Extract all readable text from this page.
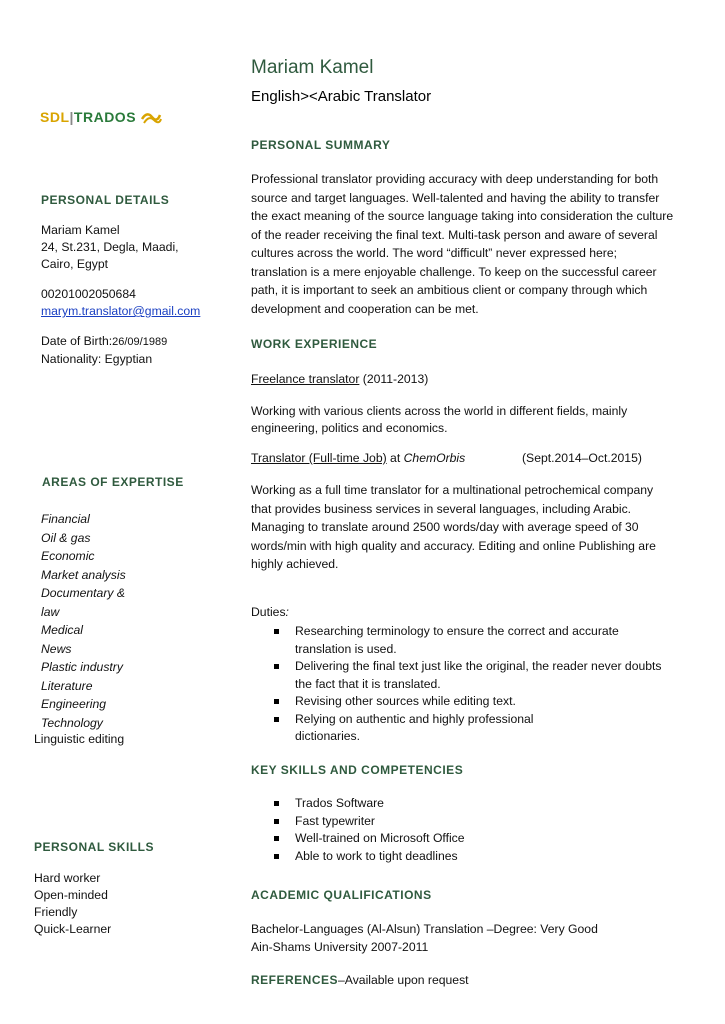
Mariam Kamel
English><Arabic Translator
SDL|TRADOS
PERSONAL DETAILS
Mariam Kamel
24, St.231, Degla, Maadi,
Cairo, Egypt
00201002050684
marym.translator@gmail.com
Date of Birth:26/09/1989
Nationality: Egyptian
AREAS OF EXPERTISE
Financial
Oil & gas
Economic
Market analysis
Documentary &
law
Medical
News
Plastic industry
Literature
Engineering
Technology
Linguistic editing
PERSONAL SKILLS
Hard worker
Open-minded
Friendly
Quick-Learner
PERSONAL SUMMARY
Professional translator providing accuracy with deep understanding for both
source and target languages. Well-talented and having the ability to transfer
the exact meaning of the source language taking into consideration the culture
of the reader receiving the final text. Multi-task person and aware of several
cultures across the world. The word “difficult” never expressed here;
translation is a mere enjoyable challenge. To keep on the successful career
path, it is important to seek an ambitious client or company through which
development and cooperation can be met.
WORK EXPERIENCE
Freelance translator (2011-2013)
Working with various clients across the world in different fields, mainly
engineering, politics and economics.
Translator (Full-time Job) at ChemOrbis	(Sept.2014–Oct.2015)
Working as a full time translator for a multinational petrochemical company
that provides business services in several languages, including Arabic.
Managing to translate around 2500 words/day with average speed of 30
words/min with high quality and accuracy. Editing and online Publishing are
highly achieved.
Duties:
Researching terminology to ensure the correct and accurate
translation is used.
Delivering the final text just like the original, the reader never doubts
the fact that it is translated.
Revising other sources while editing text.
Relying on authentic and highly professional
dictionaries.
KEY SKILLS AND COMPETENCIES
Trados Software
Fast typewriter
Well-trained on Microsoft Office
Able to work to tight deadlines
ACADEMIC QUALIFICATIONS
Bachelor-Languages (Al-Alsun) Translation –Degree: Very Good
Ain-Shams University 2007-2011
REFERENCES–Available upon request
